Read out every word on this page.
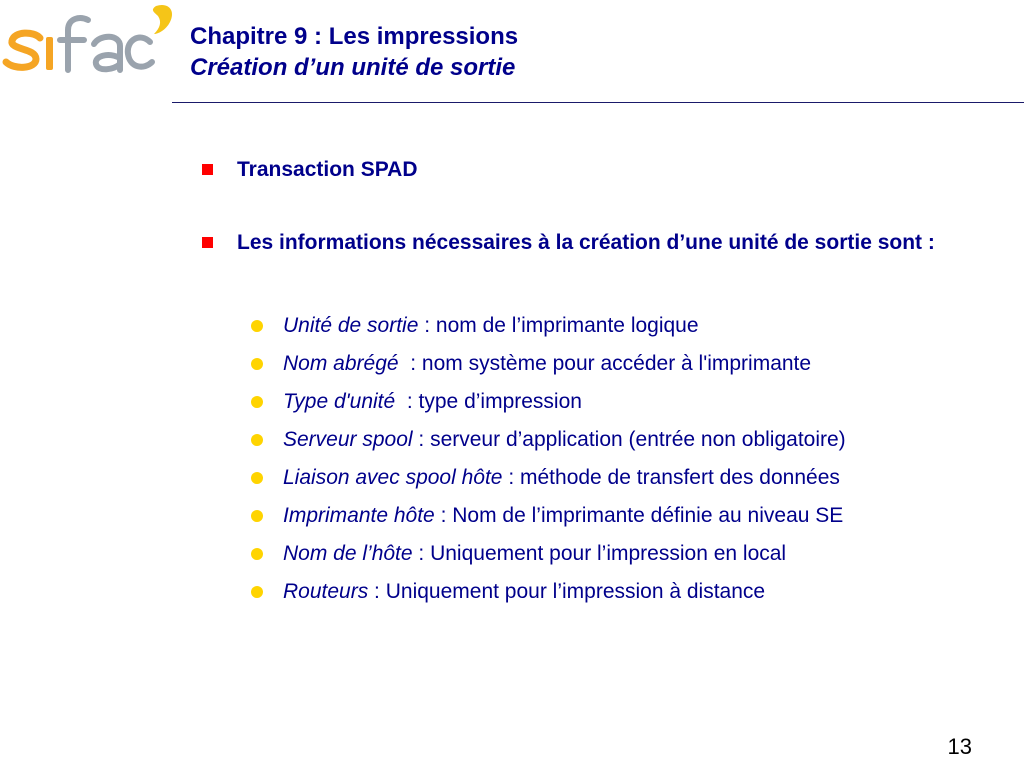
Chapitre 9 : Les impressions
Création d’un unité de sortie
Transaction SPAD
Les informations nécessaires à la création d’une unité de sortie sont :
Unité de sortie : nom de l’imprimante logique
Nom abrégé  : nom système pour accéder à l'imprimante
Type d'unité  : type d’impression
Serveur spool : serveur d’application (entrée non obligatoire)
Liaison avec spool hôte : méthode de transfert des données
Imprimante hôte : Nom de l’imprimante définie au niveau SE
Nom de l’hôte : Uniquement pour l’impression en local
Routeurs : Uniquement pour l’impression à distance
13
